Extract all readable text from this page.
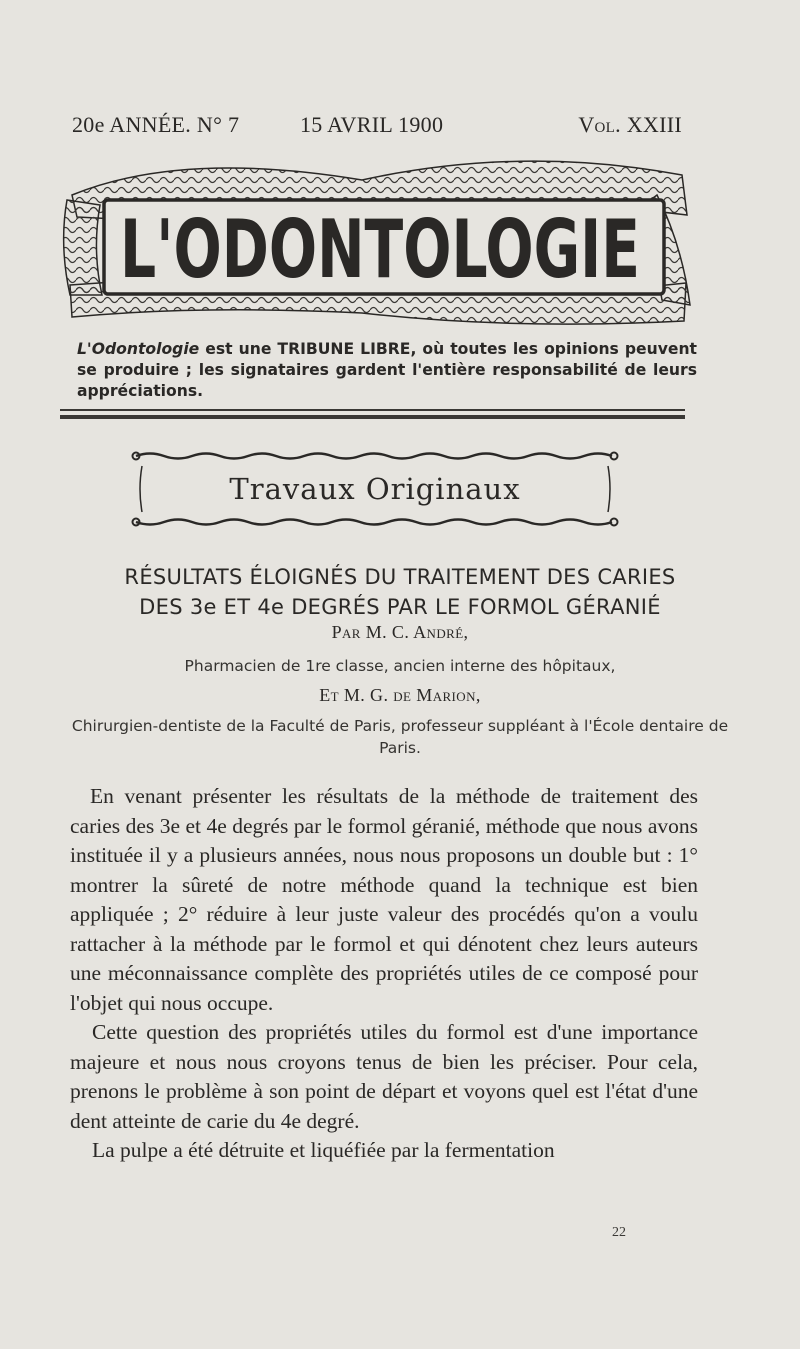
20e ANNÉE. N° 7	15 AVRIL 1900	Vol. XXIII
L'ODONTOLOGIE
L'Odontologie est une TRIBUNE LIBRE, où toutes les opinions peuvent se produire ; les signataires gardent l'entière responsabilité de leurs appréciations.
Travaux Originaux
RÉSULTATS ÉLOIGNÉS DU TRAITEMENT DES CARIES
DES 3e ET 4e DEGRÉS PAR LE FORMOL GÉRANIÉ
Par M. C. André,
Pharmacien de 1re classe, ancien interne des hôpitaux,
Et M. G. de Marion,
Chirurgien-dentiste de la Faculté de Paris, professeur suppléant à l'École dentaire de Paris.

En venant présenter les résultats de la méthode de traitement des caries des 3e et 4e degrés par le formol géranié, méthode que nous avons instituée il y a plusieurs années, nous nous proposons un double but : 1° montrer la sûreté de notre méthode quand la technique est bien appliquée ; 2° réduire à leur juste valeur des procédés qu'on a voulu rattacher à la méthode par le formol et qui dénotent chez leurs auteurs une méconnaissance complète des propriétés utiles de ce composé pour l'objet qui nous occupe.

Cette question des propriétés utiles du formol est d'une importance majeure et nous nous croyons tenus de bien les préciser. Pour cela, prenons le problème à son point de départ et voyons quel est l'état d'une dent atteinte de carie du 4e degré.

La pulpe a été détruite et liquéfiée par la fermentation

22
